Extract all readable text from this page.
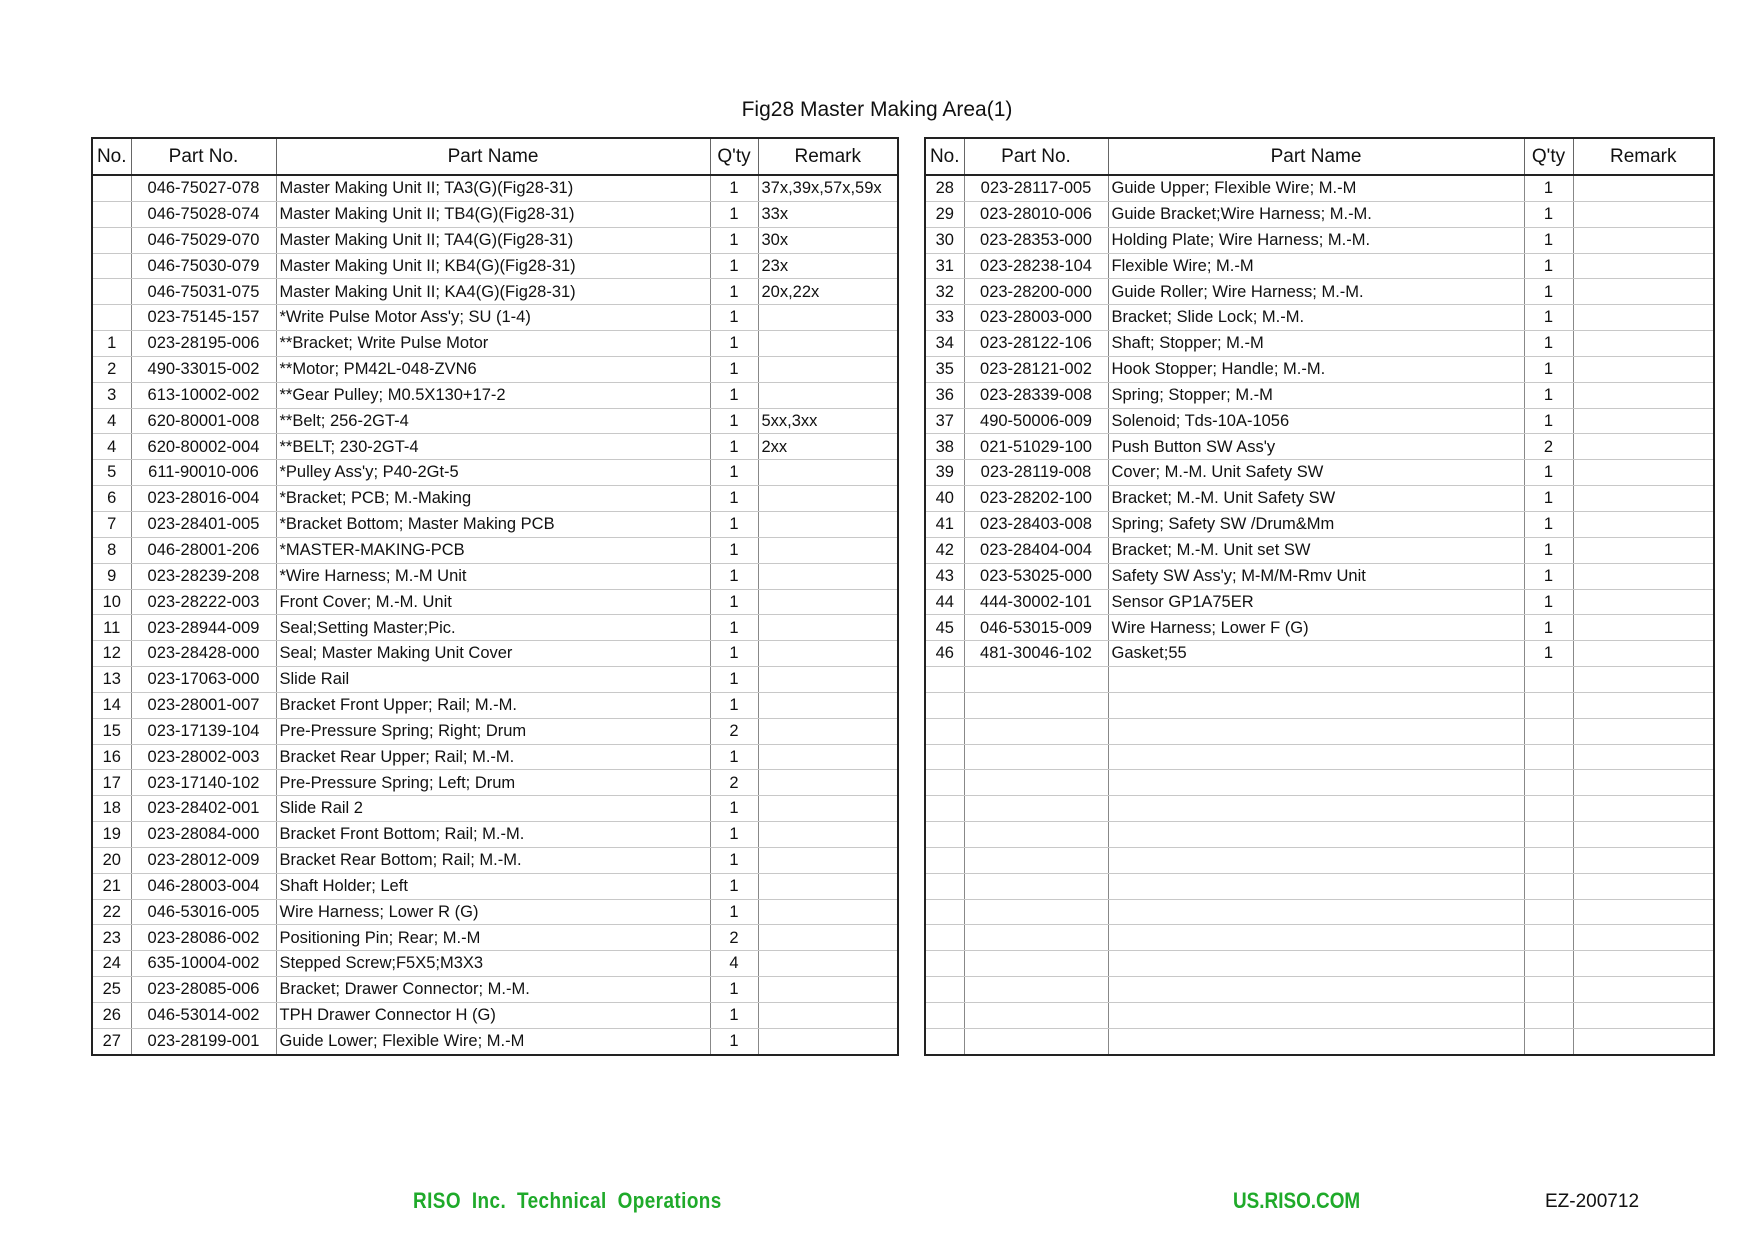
Fig28 Master Making Area(1)
No.	Part No.	Part Name	Q'ty	Remark
	046-75027-078	Master Making Unit II; TA3(G)(Fig28-31)	1	37x,39x,57x,59x
	046-75028-074	Master Making Unit II; TB4(G)(Fig28-31)	1	33x
	046-75029-070	Master Making Unit II; TA4(G)(Fig28-31)	1	30x
	046-75030-079	Master Making Unit II; KB4(G)(Fig28-31)	1	23x
	046-75031-075	Master Making Unit II; KA4(G)(Fig28-31)	1	20x,22x
	023-75145-157	*Write Pulse Motor Ass'y; SU (1-4)	1	
1	023-28195-006	**Bracket; Write Pulse Motor	1	
2	490-33015-002	**Motor; PM42L-048-ZVN6	1	
3	613-10002-002	**Gear Pulley; M0.5X130+17-2	1	
4	620-80001-008	**Belt; 256-2GT-4	1	5xx,3xx
4	620-80002-004	**BELT; 230-2GT-4	1	2xx
5	611-90010-006	*Pulley Ass'y; P40-2Gt-5	1	
6	023-28016-004	*Bracket; PCB; M.-Making	1	
7	023-28401-005	*Bracket Bottom; Master Making PCB	1	
8	046-28001-206	*MASTER-MAKING-PCB	1	
9	023-28239-208	*Wire Harness; M.-M Unit	1	
10	023-28222-003	Front Cover; M.-M. Unit	1	
11	023-28944-009	Seal;Setting Master;Pic.	1	
12	023-28428-000	Seal; Master Making Unit Cover	1	
13	023-17063-000	Slide Rail	1	
14	023-28001-007	Bracket Front Upper; Rail; M.-M.	1	
15	023-17139-104	Pre-Pressure Spring; Right; Drum	2	
16	023-28002-003	Bracket Rear Upper; Rail; M.-M.	1	
17	023-17140-102	Pre-Pressure Spring; Left; Drum	2	
18	023-28402-001	Slide Rail 2	1	
19	023-28084-000	Bracket Front Bottom; Rail; M.-M.	1	
20	023-28012-009	Bracket Rear Bottom; Rail; M.-M.	1	
21	046-28003-004	Shaft Holder; Left	1	
22	046-53016-005	Wire Harness; Lower R (G)	1	
23	023-28086-002	Positioning Pin; Rear; M.-M	2	
24	635-10004-002	Stepped Screw;F5X5;M3X3	4	
25	023-28085-006	Bracket; Drawer Connector; M.-M.	1	
26	046-53014-002	TPH Drawer Connector H (G)	1	
27	023-28199-001	Guide Lower; Flexible Wire; M.-M	1	
No.	Part No.	Part Name	Q'ty	Remark
28	023-28117-005	Guide Upper; Flexible Wire; M.-M	1	
29	023-28010-006	Guide Bracket;Wire Harness; M.-M.	1	
30	023-28353-000	Holding Plate; Wire Harness; M.-M.	1	
31	023-28238-104	Flexible Wire; M.-M	1	
32	023-28200-000	Guide Roller; Wire Harness; M.-M.	1	
33	023-28003-000	Bracket; Slide Lock; M.-M.	1	
34	023-28122-106	Shaft; Stopper; M.-M	1	
35	023-28121-002	Hook Stopper; Handle; M.-M.	1	
36	023-28339-008	Spring; Stopper; M.-M	1	
37	490-50006-009	Solenoid; Tds-10A-1056	1	
38	021-51029-100	Push Button SW Ass'y	2	
39	023-28119-008	Cover; M.-M. Unit Safety SW	1	
40	023-28202-100	Bracket; M.-M. Unit Safety SW	1	
41	023-28403-008	Spring; Safety SW /Drum&Mm	1	
42	023-28404-004	Bracket; M.-M. Unit set SW	1	
43	023-53025-000	Safety SW Ass'y; M-M/M-Rmv Unit	1	
44	444-30002-101	Sensor GP1A75ER	1	
45	046-53015-009	Wire Harness; Lower F (G)	1	
46	481-30046-102	Gasket;55	1	

RISO Inc. Technical Operations	US.RISO.COM	EZ-200712
